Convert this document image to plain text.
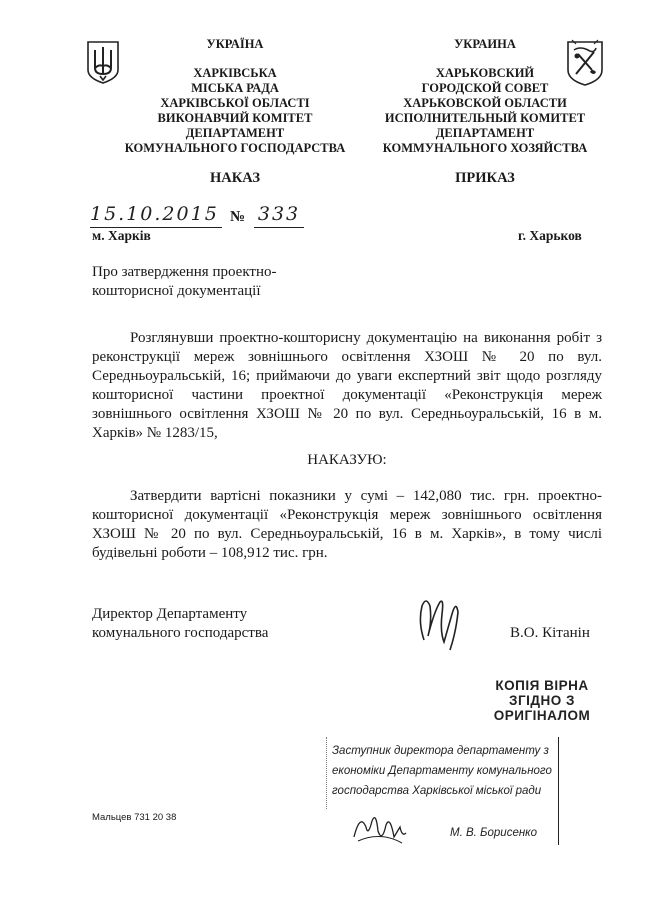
УКРАЇНА
ХАРКІВСЬКА
МІСЬКА РАДА
ХАРКІВСЬКОЇ ОБЛАСТІ
ВИКОНАВЧИЙ КОМІТЕТ
ДЕПАРТАМЕНТ
КОМУНАЛЬНОГО ГОСПОДАРСТВА
УКРАИНА
ХАРЬКОВСКИЙ
ГОРОДСКОЙ СОВЕТ
ХАРЬКОВСКОЙ ОБЛАСТИ
ИСПОЛНИТЕЛЬНЫЙ КОМИТЕТ
ДЕПАРТАМЕНТ
КОММУНАЛЬНОГО ХОЗЯЙСТВА
НАКАЗ	ПРИКАЗ
15.10.2015 № 333
м. Харків	г. Харьков
Про затвердження проектно-
кошторисної документації
Розглянувши проектно-кошторисну документацію на виконання робіт з реконструкції мереж зовнішнього освітлення ХЗОШ № 20 по вул. Середньоуральській, 16; приймаючи до уваги експертний звіт щодо розгляду кошторисної частини проектної документації «Реконструкція мереж зовнішнього освітлення ХЗОШ № 20 по вул. Середньоуральській, 16 в м. Харків» № 1283/15,
НАКАЗУЮ:
Затвердити вартісні показники у сумі – 142,080 тис. грн. проектно-кошторисної документації «Реконструкція мереж зовнішнього освітлення ХЗОШ № 20 по вул. Середньоуральській, 16 в м. Харків», в тому числі будівельні роботи – 108,912 тис. грн.
Директор Департаменту
комунального господарства	В.О. Кітанін
КОПІЯ ВІРНА
ЗГІДНО З
ОРИГІНАЛОМ
Заступник директора департаменту з
економіки Департаменту комунального
господарства Харківської міської ради
М. В. Борисенко
Мальцев 731 20 38
